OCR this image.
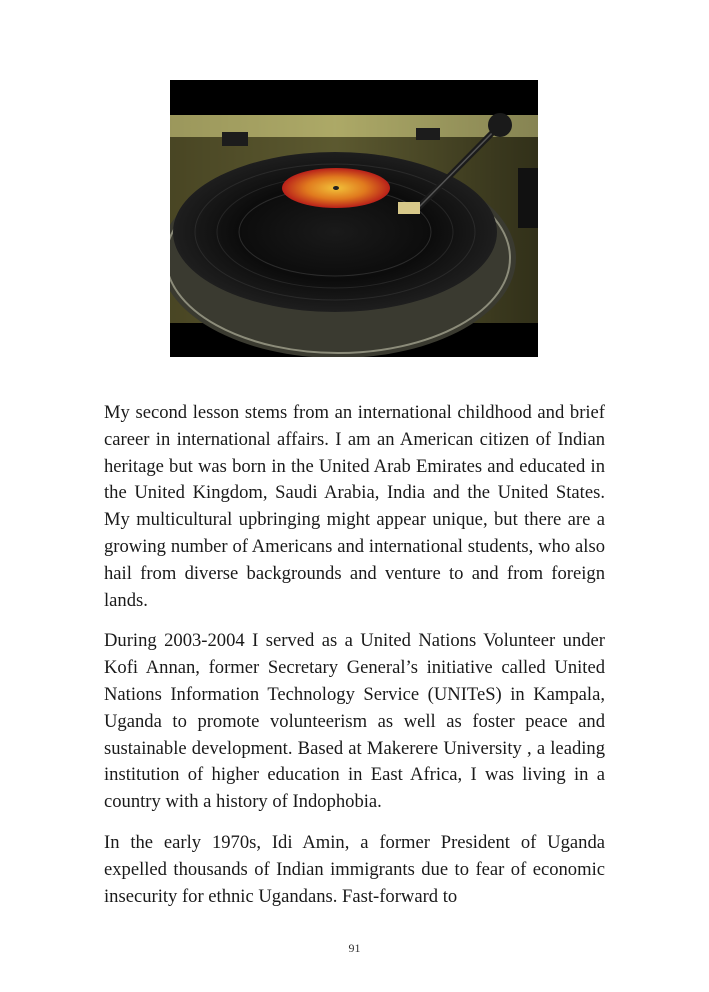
My second lesson stems from an international childhood and brief career in international affairs. I am an American citizen of Indian heritage but was born in the United Arab Emirates and educated in the United Kingdom, Saudi Arabia, India and the United States. My multicultural upbringing might appear unique, but there are a growing number of Americans and international students, who also hail from diverse backgrounds and venture to and from foreign lands.

During 2003-2004 I served as a United Nations Volunteer under Kofi Annan, former Secretary General’s initiative called United Nations Information Technology Service (UNITeS) in Kampala, Uganda to promote volunteerism as well as foster peace and sustainable development. Based at Makerere University , a leading institution of higher education in East Africa, I was living in a country with a history of Indophobia.

In the early 1970s, Idi Amin, a former President of Uganda expelled thousands of Indian immigrants due to fear of economic insecurity for ethnic Ugandans. Fast-forward to

91
